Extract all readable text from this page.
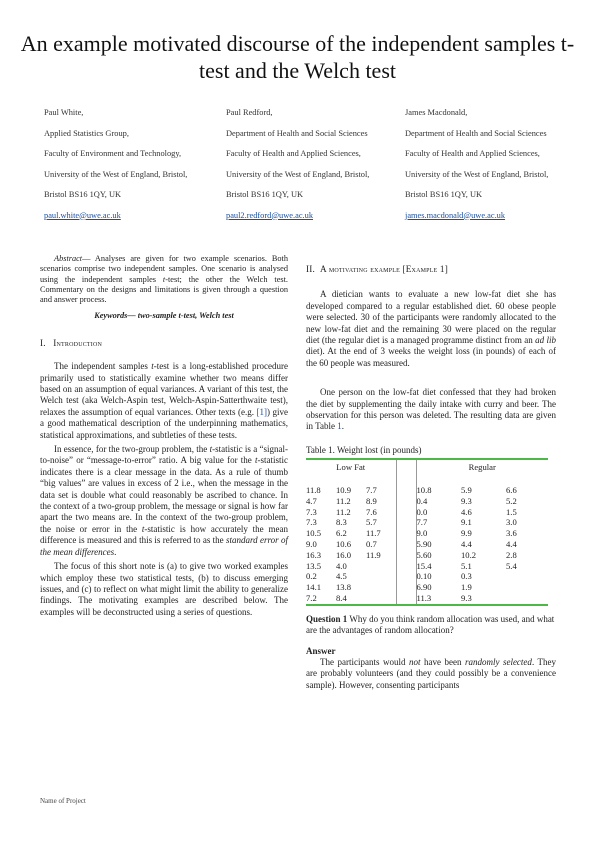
An example motivated discourse of the independent samples t-test and the Welch test
Paul White,
Applied Statistics Group,
Faculty of Environment and Technology,
University of the West of England, Bristol,
Bristol BS16 1QY, UK
paul.white@uwe.ac.uk
Paul Redford,
Department of Health and Social Sciences
Faculty of Health and Applied Sciences,
University of the West of England, Bristol,
Bristol BS16 1QY, UK
paul2.redford@uwe.ac.uk
James Macdonald,
Department of Health and Social Sciences
Faculty of Health and Applied Sciences,
University of the West of England, Bristol,
Bristol BS16 1QY, UK
james.macdonald@uwe.ac.uk

Abstract— Analyses are given for two example scenarios. Both scenarios comprise two independent samples. One scenario is analysed using the independent samples t-test; the other the Welch test. Commentary on the designs and limitations is given through a question and answer process.

Keywords— two-sample t-test, Welch test

I. Introduction

The independent samples t-test is a long-established procedure primarily used to statistically examine whether two means differ based on an assumption of equal variances. A variant of this test, the Welch test (aka Welch-Aspin test, Welch-Aspin-Satterthwaite test), relaxes the assumption of equal variances. Other texts (e.g. [1]) give a good mathematical description of the underpinning mathematics, statistical approximations, and subtleties of these tests.

In essence, for the two-group problem, the t-statistic is a “signal-to-noise” or “message-to-error” ratio. A big value for the t-statistic indicates there is a clear message in the data. As a rule of thumb “big values” are values in excess of 2 i.e., when the message in the data set is double what could reasonably be ascribed to chance. In the context of a two-group problem, the message or signal is how far apart the two means are. In the context of the two-group problem, the noise or error in the t-statistic is how accurately the mean difference is measured and this is referred to as the standard error of the mean differences.

The focus of this short note is (a) to give two worked examples which employ these two statistical tests, (b) to discuss emerging issues, and (c) to reflect on what might limit the ability to generalize findings. The motivating examples are described below. The examples will be deconstructed using a series of questions.

II. A motivating example [Example 1]

A dietician wants to evaluate a new low-fat diet she has developed compared to a regular established diet. 60 obese people were selected. 30 of the participants were randomly allocated to the new low-fat diet and the remaining 30 were placed on the regular diet (the regular diet is a managed programme distinct from an ad lib diet). At the end of 3 weeks the weight loss (in pounds) of each of the 60 people was measured.

One person on the low-fat diet confessed that they had broken the diet by supplementing the daily intake with curry and beer. The observation for this person was deleted. The resulting data are given in Table 1.

Table 1. Weight lost (in pounds)

Low Fat				Regular		
11.8	10.9	7.7		10.8	5.9	6.6
4.7	11.2	8.9		0.4	9.3	5.2
7.3	11.2	7.6		0.0	4.6	1.5
7.3	8.3	5.7		7.7	9.1	3.0
10.5	6.2	11.7		9.0	9.9	3.6
9.0	10.6	0.7		5.90	4.4	4.4
16.3	16.0	11.9		5.60	10.2	2.8
13.5	4.0			15.4	5.1	5.4
0.2	4.5			0.10	0.3	
14.1	13.8			6.90	1.9	
7.2	8.4			11.3	9.3	

Question 1 Why do you think random allocation was used, and what are the advantages of random allocation?

Answer

The participants would not have been randomly selected. They are probably volunteers (and they could possibly be a convenience sample). However, consenting participants

Name of Project
